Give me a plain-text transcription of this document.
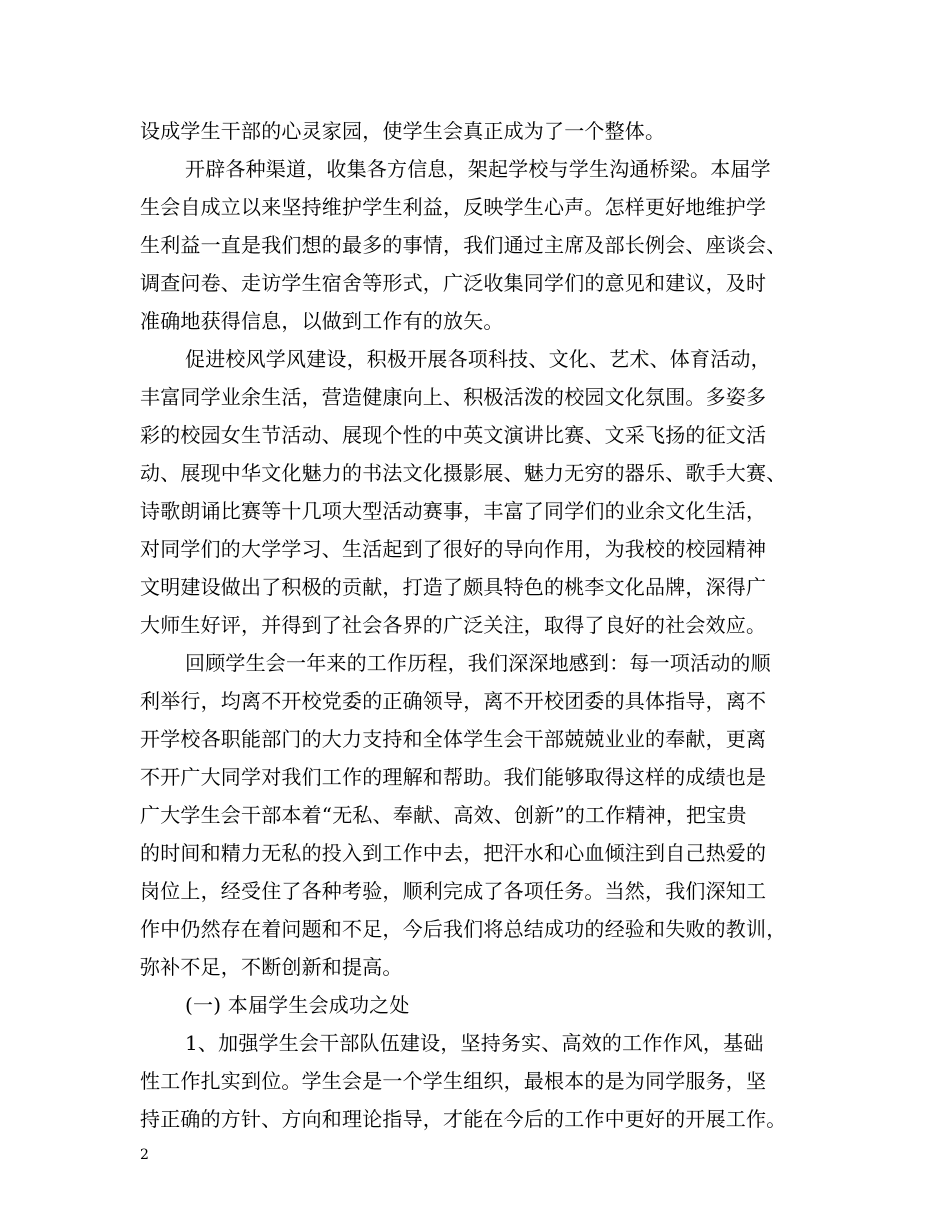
设成学生干部的心灵家园，使学生会真正成为了一个整体。
开辟各种渠道，收集各方信息，架起学校与学生沟通桥梁。本届学
生会自成立以来坚持维护学生利益，反映学生心声。怎样更好地维护学
生利益一直是我们想的最多的事情，我们通过主席及部长例会、座谈会、
调查问卷、走访学生宿舍等形式，广泛收集同学们的意见和建议，及时
准确地获得信息，以做到工作有的放矢。
促进校风学风建设，积极开展各项科技、文化、艺术、体育活动，
丰富同学业余生活，营造健康向上、积极活泼的校园文化氛围。多姿多
彩的校园女生节活动、展现个性的中英文演讲比赛、文采飞扬的征文活
动、展现中华文化魅力的书法文化摄影展、魅力无穷的器乐、歌手大赛、
诗歌朗诵比赛等十几项大型活动赛事，丰富了同学们的业余文化生活，
对同学们的大学学习、生活起到了很好的导向作用，为我校的校园精神
文明建设做出了积极的贡献，打造了颇具特色的桃李文化品牌，深得广
大师生好评，并得到了社会各界的广泛关注，取得了良好的社会效应。
回顾学生会一年来的工作历程，我们深深地感到：每一项活动的顺
利举行，均离不开校党委的正确领导，离不开校团委的具体指导，离不
开学校各职能部门的大力支持和全体学生会干部兢兢业业的奉献，更离
不开广大同学对我们工作的理解和帮助。我们能够取得这样的成绩也是
广大学生会干部本着“无私、奉献、高效、创新”的工作精神，把宝贵
的时间和精力无私的投入到工作中去，把汗水和心血倾注到自己热爱的
岗位上，经受住了各种考验，顺利完成了各项任务。当然，我们深知工
作中仍然存在着问题和不足，今后我们将总结成功的经验和失败的教训，
弥补不足，不断创新和提高。
(一) 本届学生会成功之处
1、加强学生会干部队伍建设，坚持务实、高效的工作作风，基础
性工作扎实到位。学生会是一个学生组织，最根本的是为同学服务，坚
持正确的方针、方向和理论指导，才能在今后的工作中更好的开展工作。
2
